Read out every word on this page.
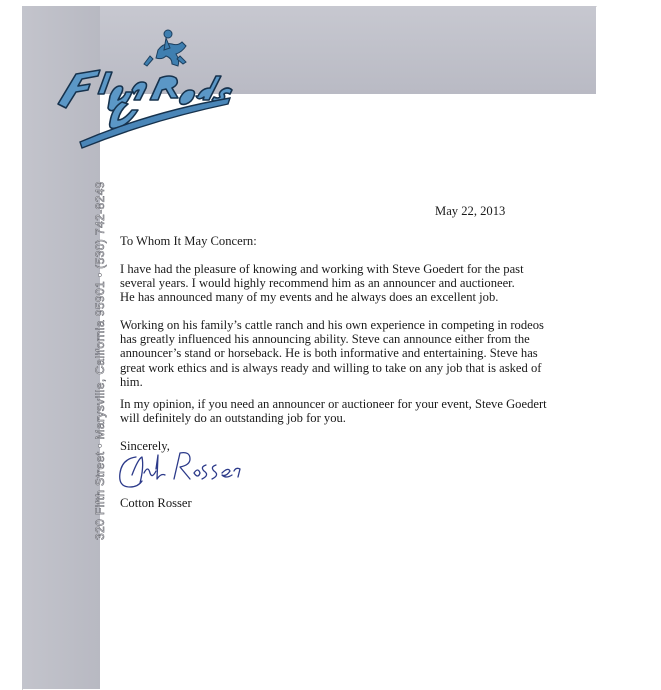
320 Fifth Street • Marysville, California 95901 • (530) 742-8249	May 22, 2013
To Whom It May Concern:
I have had the pleasure of knowing and working with Steve Goedert for the past
several years. I would highly recommend him as an announcer and auctioneer.
He has announced many of my events and he always does an excellent job.
Working on his family’s cattle ranch and his own experience in competing in rodeos
has greatly influenced his announcing ability. Steve can announce either from the
announcer’s stand or horseback. He is both informative and entertaining. Steve has
great work ethics and is always ready and willing to take on any job that is asked of
him.
In my opinion, if you need an announcer or auctioneer for your event, Steve Goedert
will definitely do an outstanding job for you.
Sincerely,
Cotton Rosser
